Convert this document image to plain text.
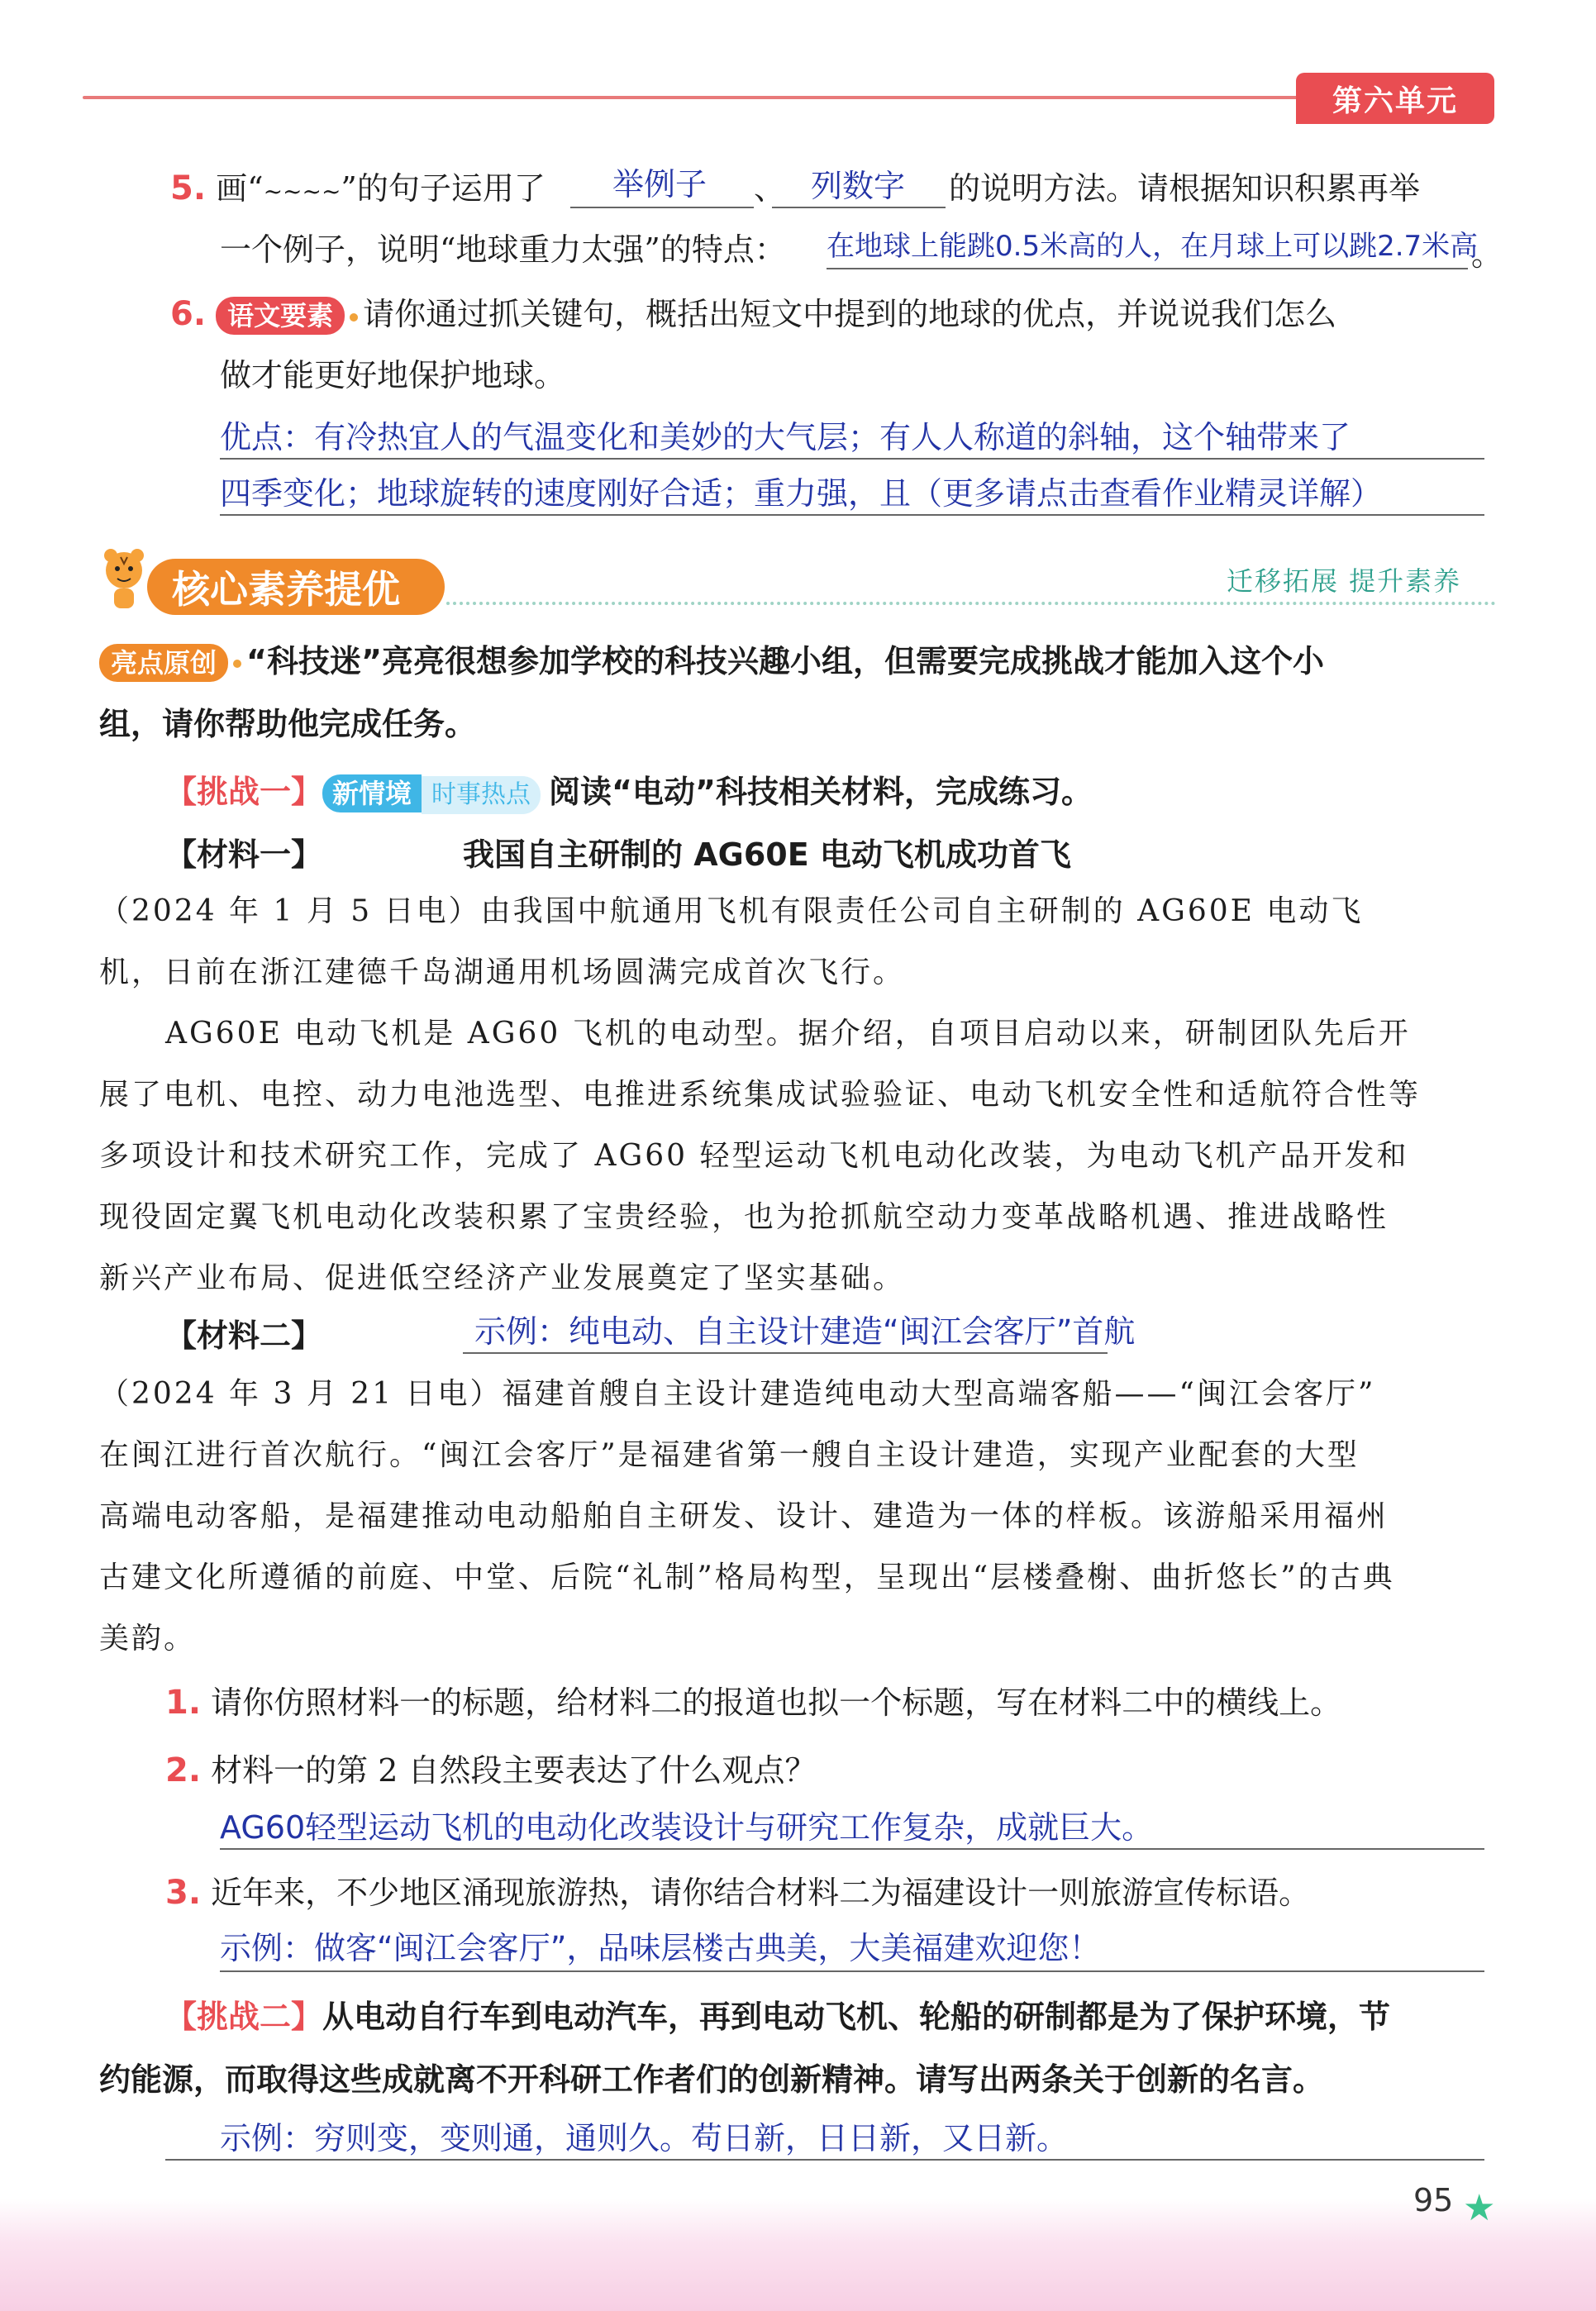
第六单元
5. 画“~~~~”的句子运用了	举例子	、 列数字	的说明方法。请根据知识积累再举
一个例子，说明“地球重力太强”的特点： 在地球上能跳0.5米高的人，在月球上可以跳2.7米高
。
6. 语文要素 请你通过抓关键句，概括出短文中提到的地球的优点，并说说我们怎么
做才能更好地保护地球。
优点：有冷热宜人的气温变化和美妙的大气层；有人人称道的斜轴，这个轴带来了
四季变化；地球旋转的速度刚好合适；重力强，且（更多请点击查看作业精灵详解）
核心素养提优	迁移拓展 提升素养
亮点原创 “科技迷”亮亮很想参加学校的科技兴趣小组，但需要完成挑战才能加入这个小
组，请你帮助他完成任务。
【挑战一】 新情境 时事热点 阅读“电动”科技相关材料，完成练习。
【材料一】	我国自主研制的 AG60E 电动飞机成功首飞
（2024 年 1 月 5 日电）由我国中航通用飞机有限责任公司自主研制的 AG60E 电动飞
机，日前在浙江建德千岛湖通用机场圆满完成首次飞行。
AG60E 电动飞机是 AG60 飞机的电动型。据介绍，自项目启动以来，研制团队先后开
展了电机、电控、动力电池选型、电推进系统集成试验验证、电动飞机安全性和适航符合性等
多项设计和技术研究工作，完成了 AG60 轻型运动飞机电动化改装，为电动飞机产品开发和
现役固定翼飞机电动化改装积累了宝贵经验，也为抢抓航空动力变革战略机遇、推进战略性
新兴产业布局、促进低空经济产业发展奠定了坚实基础。
【材料二】	示例：纯电动、自主设计建造“闽江会客厅”首航
（2024 年 3 月 21 日电）福建首艘自主设计建造纯电动大型高端客船——“闽江会客厅”
在闽江进行首次航行。“闽江会客厅”是福建省第一艘自主设计建造，实现产业配套的大型
高端电动客船，是福建推动电动船舶自主研发、设计、建造为一体的样板。该游船采用福州
古建文化所遵循的前庭、中堂、后院“礼制”格局构型，呈现出“层楼叠榭、曲折悠长”的古典
美韵。
1. 请你仿照材料一的标题，给材料二的报道也拟一个标题，写在材料二中的横线上。
2. 材料一的第 2 自然段主要表达了什么观点？
AG60轻型运动飞机的电动化改装设计与研究工作复杂，成就巨大。
3. 近年来，不少地区涌现旅游热，请你结合材料二为福建设计一则旅游宣传标语。
示例：做客“闽江会客厅”，品味层楼古典美，大美福建欢迎您！
【挑战二】从电动自行车到电动汽车，再到电动飞机、轮船的研制都是为了保护环境，节
约能源，而取得这些成就离不开科研工作者们的创新精神。请写出两条关于创新的名言。
示例：穷则变，变则通，通则久。苟日新，日日新，又日新。
95 ★
